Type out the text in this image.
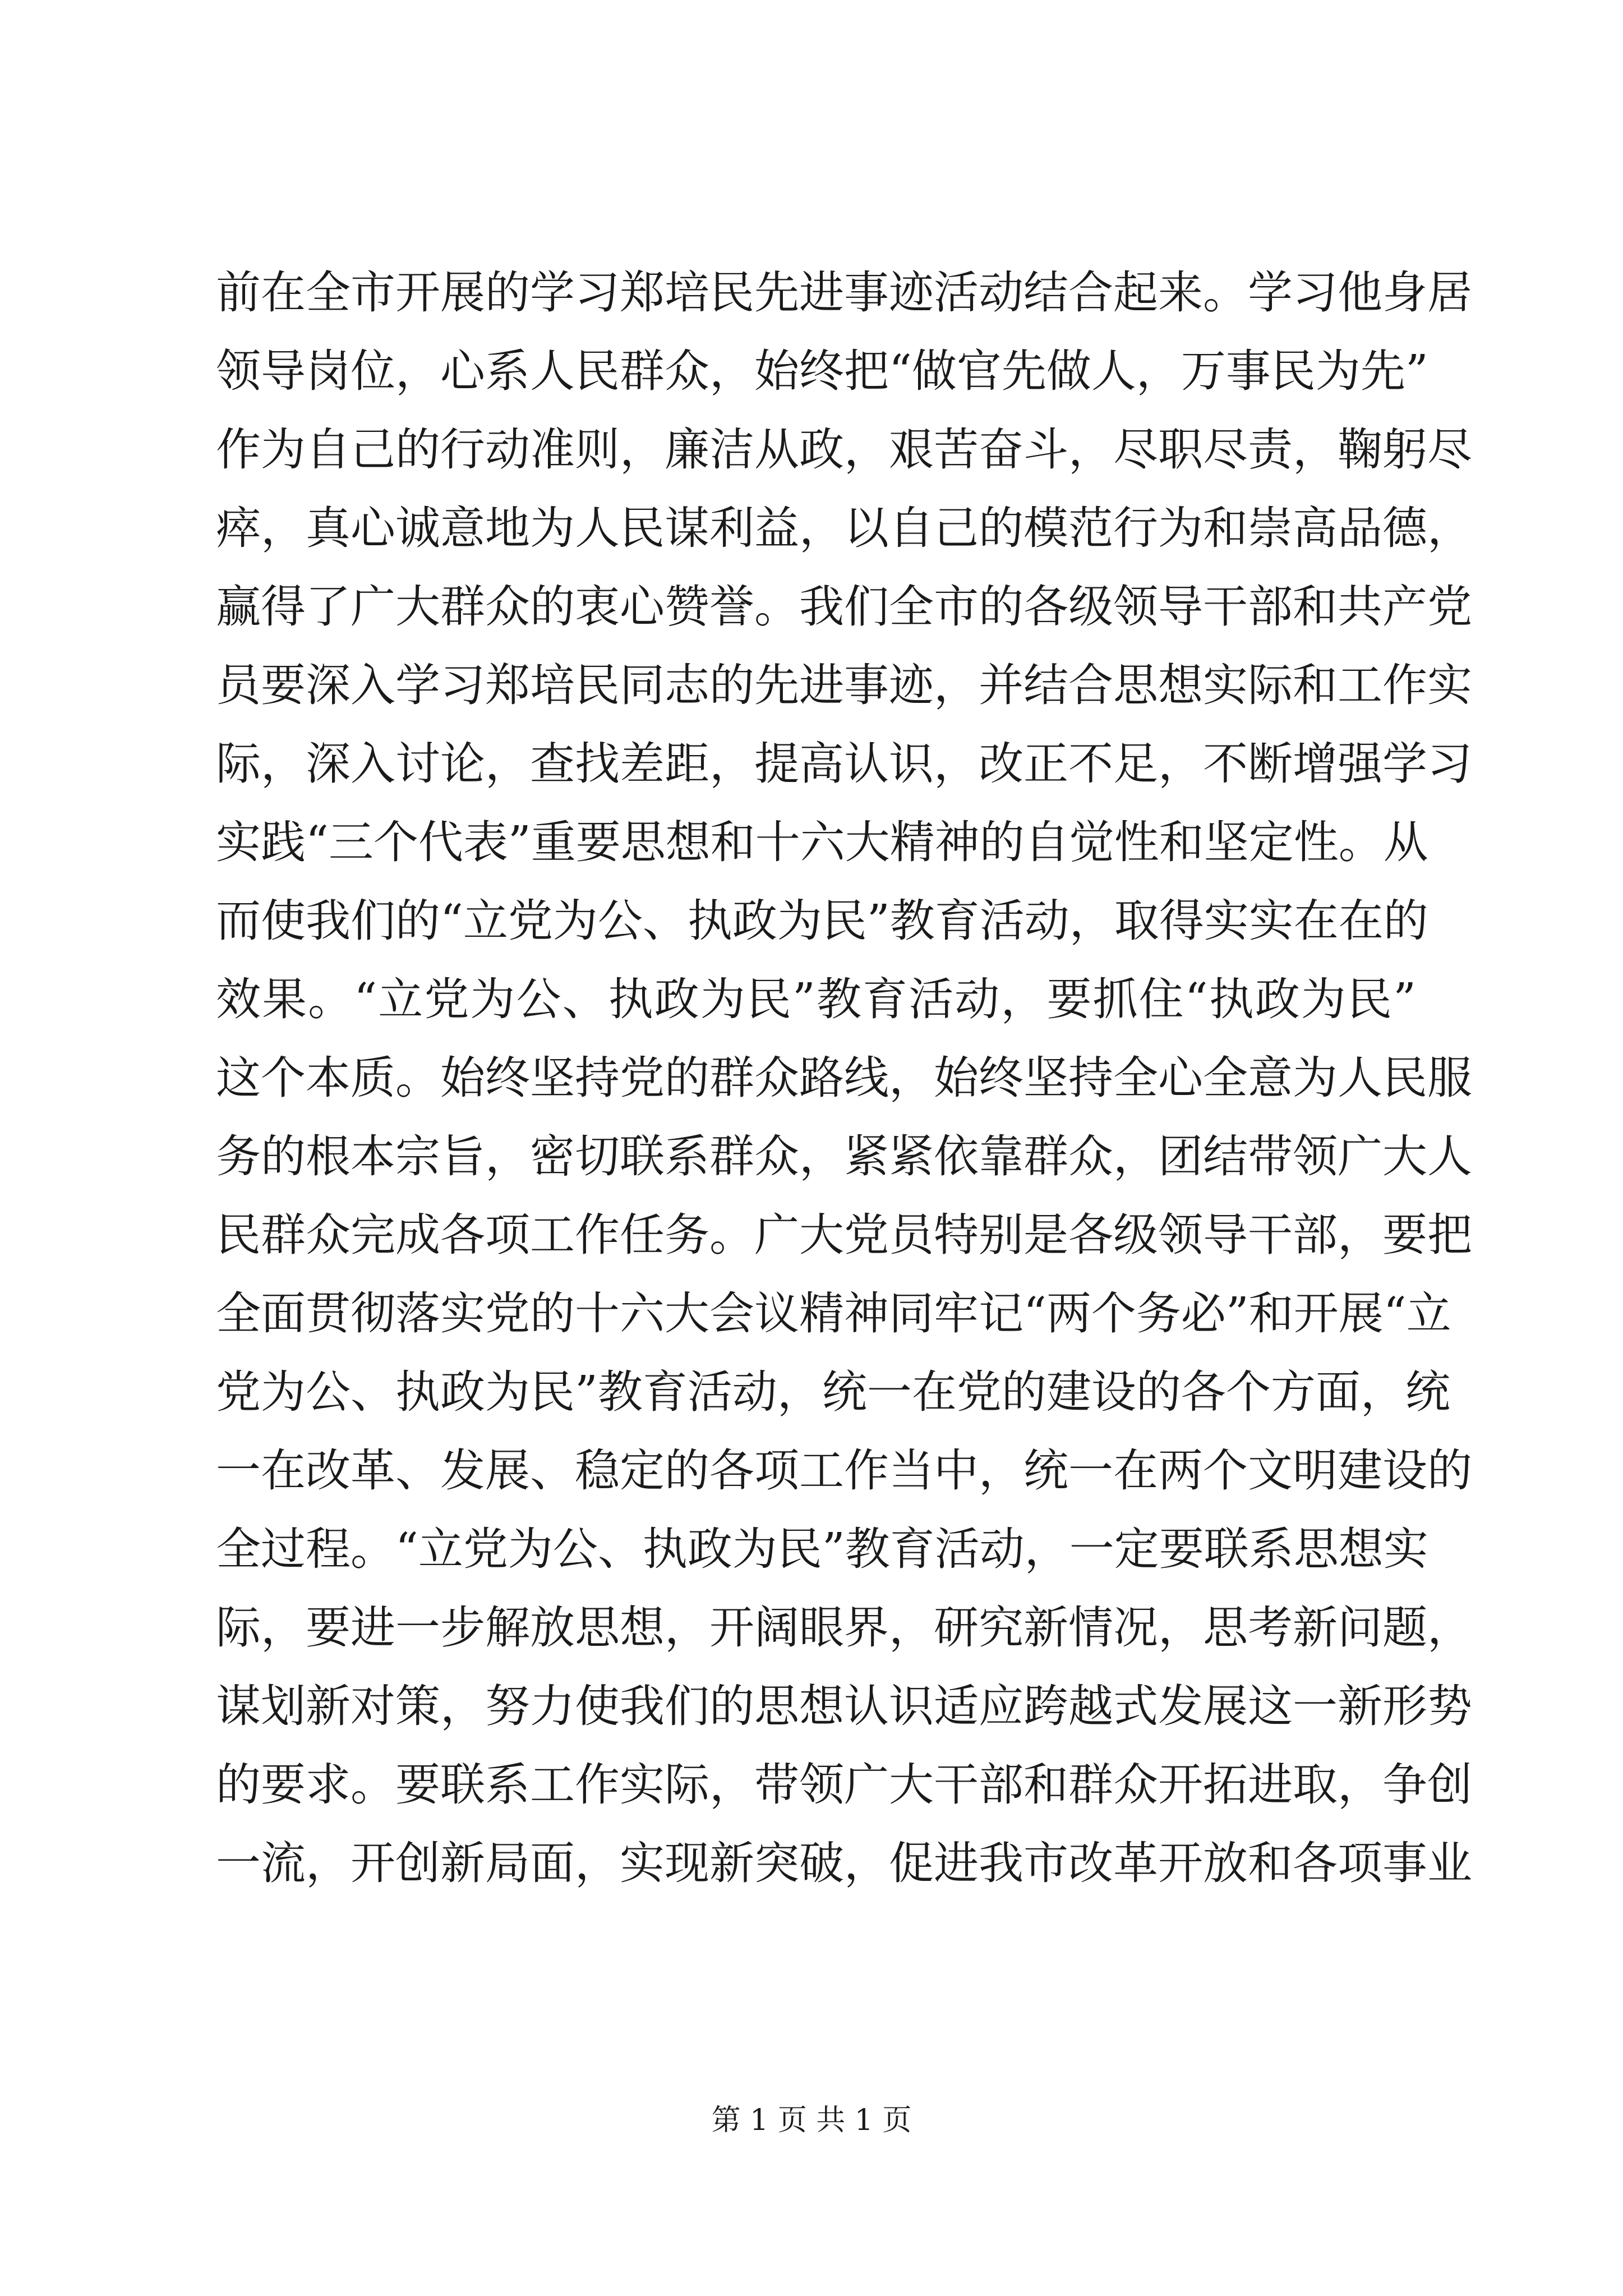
前在全市开展的学习郑培民先进事迹活动结合起来。学习他身居
领导岗位，心系人民群众，始终把“做官先做人，万事民为先”
作为自己的行动准则，廉洁从政，艰苦奋斗，尽职尽责，鞠躬尽
瘁，真心诚意地为人民谋利益，以自己的模范行为和崇高品德，
赢得了广大群众的衷心赞誉。我们全市的各级领导干部和共产党
员要深入学习郑培民同志的先进事迹，并结合思想实际和工作实
际，深入讨论，查找差距，提高认识，改正不足，不断增强学习
实践“三个代表”重要思想和十六大精神的自觉性和坚定性。从
而使我们的“立党为公、执政为民”教育活动，取得实实在在的
效果。“立党为公、执政为民”教育活动，要抓住“执政为民”
这个本质。始终坚持党的群众路线，始终坚持全心全意为人民服
务的根本宗旨，密切联系群众，紧紧依靠群众，团结带领广大人
民群众完成各项工作任务。广大党员特别是各级领导干部，要把
全面贯彻落实党的十六大会议精神同牢记“两个务必”和开展“立
党为公、执政为民”教育活动，统一在党的建设的各个方面，统
一在改革、发展、稳定的各项工作当中，统一在两个文明建设的
全过程。“立党为公、执政为民”教育活动，一定要联系思想实
际，要进一步解放思想，开阔眼界，研究新情况，思考新问题，
谋划新对策，努力使我们的思想认识适应跨越式发展这一新形势
的要求。要联系工作实际，带领广大干部和群众开拓进取，争创
一流，开创新局面，实现新突破，促进我市改革开放和各项事业
第 1 页 共 1 页
